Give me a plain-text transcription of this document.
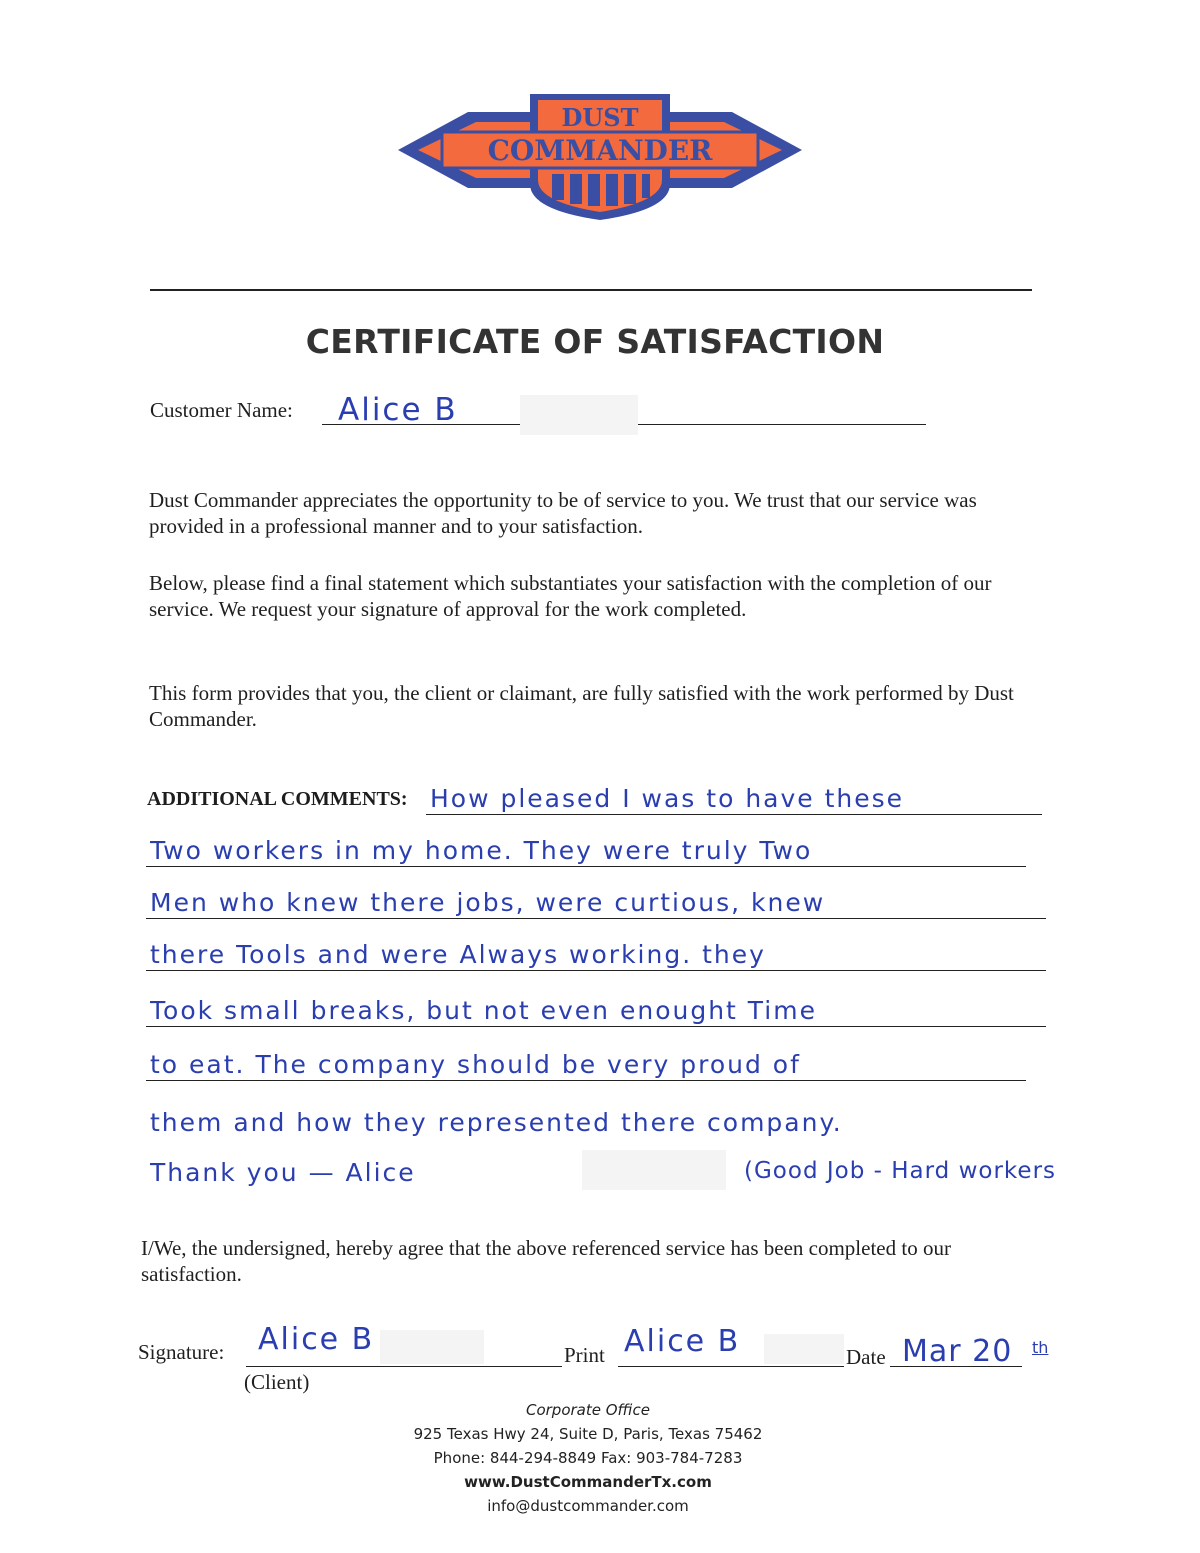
DUST
COMMANDER
CERTIFICATE OF SATISFACTION
Customer Name: Alice B

Dust Commander appreciates the opportunity to be of service to you. We trust that our service was provided in a professional manner and to your satisfaction.

Below, please find a final statement which substantiates your satisfaction with the completion of our service. We request your signature of approval for the work completed.

This form provides that you, the client or claimant, are fully satisfied with the work performed by Dust Commander.

ADDITIONAL COMMENTS: How pleased I was to have these
Two workers in my home. They were truly Two
Men who knew there jobs, were curtious, knew
there Tools and were Always working. they
Took small breaks, but not even enought Time
to eat. The company should be very proud of
them and how they represented there company.
Thank you — Alice	(Good Job - Hard workers

I/We, the undersigned, hereby agree that the above referenced service has been completed to our satisfaction.

Signature: Alice B	Print Alice B	Date Mar 20 th
(Client)
Corporate Office
925 Texas Hwy 24, Suite D, Paris, Texas 75462
Phone: 844-294-8849 Fax: 903-784-7283
www.DustCommanderTx.com
info@dustcommander.com
